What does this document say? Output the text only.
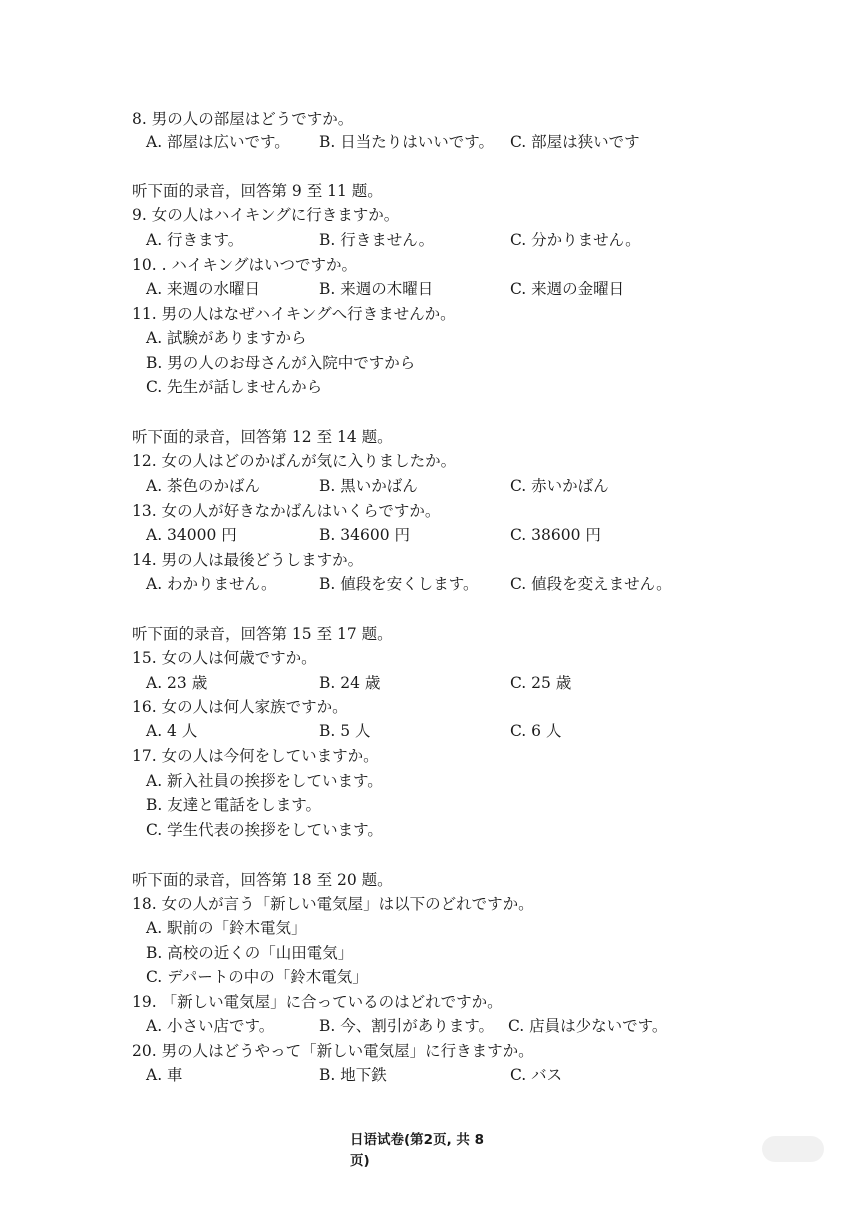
8. 男の人の部屋はどうですか。
A. 部屋は広いです。 B. 日当たりはいいです。 C. 部屋は狭いです
听下面的录音，回答第 9 至 11 题。
9. 女の人はハイキングに行きますか。
A. 行きます。	B. 行きません。	C. 分かりません。
10. . ハイキングはいつですか。
A. 来週の水曜日	B. 来週の木曜日	C. 来週の金曜日
11. 男の人はなぜハイキングへ行きませんか。
A. 試験がありますから
B. 男の人のお母さんが入院中ですから
C. 先生が話しませんから
听下面的录音，回答第 12 至 14 题。
12. 女の人はどのかばんが気に入りましたか。
A. 茶色のかばん	B. 黒いかばん	C. 赤いかばん
13. 女の人が好きなかばんはいくらですか。
A. 34000 円	B. 34600 円	C. 38600 円
14. 男の人は最後どうしますか。
A. わかりません。	B. 値段を安くします。 C. 値段を変えません。
听下面的录音，回答第 15 至 17 题。
15. 女の人は何歳ですか。
A. 23 歳	B. 24 歳	C. 25 歳
16. 女の人は何人家族ですか。
A. 4 人	B. 5 人	C. 6 人
17. 女の人は今何をしていますか。
A. 新入社員の挨拶をしています。
B. 友達と電話をします。
C. 学生代表の挨拶をしています。
听下面的录音，回答第 18 至 20 题。
18. 女の人が言う「新しい電気屋」は以下のどれですか。
A. 駅前の「鈴木電気」
B. 高校の近くの「山田電気」
C. デパートの中の「鈴木電気」
19. 「新しい電気屋」に合っているのはどれですか。
A. 小さい店です。	B. 今、割引があります。 C. 店員は少ないです。
20. 男の人はどうやって「新しい電気屋」に行きますか。
A. 車	B. 地下鉄	C. バス
日语试卷(第2页, 共 8
页)
